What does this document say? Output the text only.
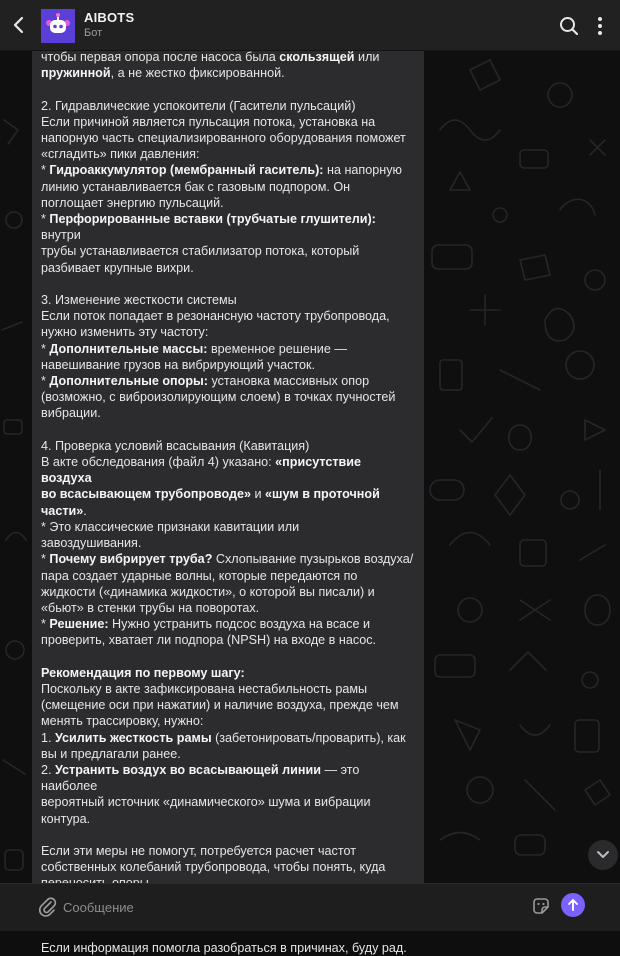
AIBOTS
Бот
чтобы первая опора после насоса была скользящей или
пружинной, а не жестко фиксированной.

2. Гидравлические успокоители (Гасители пульсаций)
Если причиной является пульсация потока, установка на
напорную часть специализированного оборудования поможет
«сгладить» пики давления:
* Гидроаккумулятор (мембранный гаситель): на напорную
линию устанавливается бак с газовым подпором. Он
поглощает энергию пульсаций.
* Перфорированные вставки (трубчатые глушители): внутри
трубы устанавливается стабилизатор потока, который
разбивает крупные вихри.

3. Изменение жесткости системы
Если поток попадает в резонансную частоту трубопровода,
нужно изменить эту частоту:
* Дополнительные массы: временное решение —
навешивание грузов на вибрирующий участок.
* Дополнительные опоры: установка массивных опор
(возможно, с виброизолирующим слоем) в точках пучностей
вибрации.

4. Проверка условий всасывания (Кавитация)
В акте обследования (файл 4) указано: «присутствие воздуха
во всасывающем трубопроводе» и «шум в проточной части».
* Это классические признаки кавитации или
завоздушивания.
* Почему вибрирует труба? Схлопывание пузырьков воздуха/
пара создает ударные волны, которые передаются по
жидкости («динамика жидкости», о которой вы писали) и
«бьют» в стенки трубы на поворотах.
* Решение: Нужно устранить подсос воздуха на всасе и
проверить, хватает ли подпора (NPSH) на входе в насос.

Рекомендация по первому шагу:
Поскольку в акте зафиксирована нестабильность рамы
(смещение оси при нажатии) и наличие воздуха, прежде чем
менять трассировку, нужно:
1. Усилить жесткость рамы (забетонировать/проварить), как
вы и предлагали ранее.
2. Устранить воздух во всасывающей линии — это наиболее
вероятный источник «динамического» шума и вибрации
контура.

Если эти меры не помогут, потребуется расчет частот
собственных колебаний трубопровода, чтобы понять, куда

Если информация помогла разобраться в причинах, буду рад.
Сообщение
